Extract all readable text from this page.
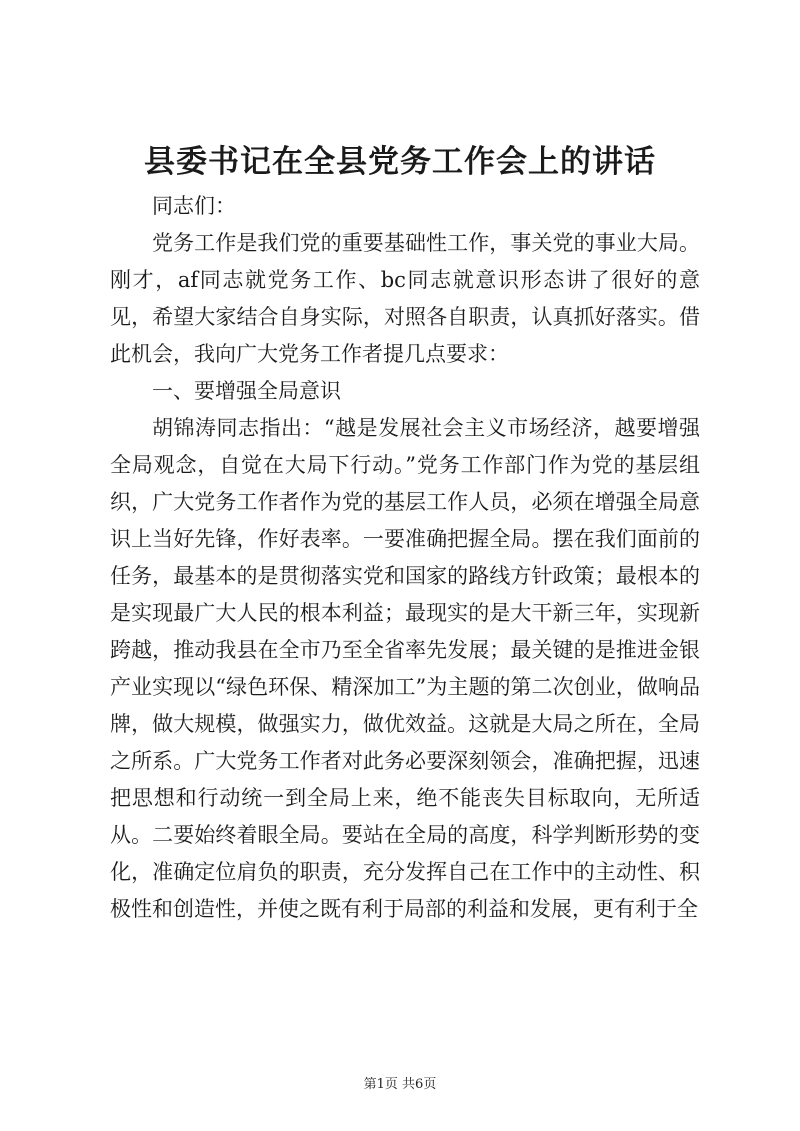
县委书记在全县党务工作会上的讲话

同志们：

党务工作是我们党的重要基础性工作，事关党的事业大局。刚才，af同志就党务工作、bc同志就意识形态讲了很好的意见，希望大家结合自身实际，对照各自职责，认真抓好落实。借此机会，我向广大党务工作者提几点要求：

一、要增强全局意识

胡锦涛同志指出：“越是发展社会主义市场经济，越要增强全局观念，自觉在大局下行动。”党务工作部门作为党的基层组织，广大党务工作者作为党的基层工作人员，必须在增强全局意识上当好先锋，作好表率。一要准确把握全局。摆在我们面前的任务，最基本的是贯彻落实党和国家的路线方针政策；最根本的是实现最广大人民的根本利益；最现实的是大干新三年，实现新跨越，推动我县在全市乃至全省率先发展；最关键的是推进金银产业实现以“绿色环保、精深加工”为主题的第二次创业，做响品牌，做大规模，做强实力，做优效益。这就是大局之所在，全局之所系。广大党务工作者对此务必要深刻领会，准确把握，迅速把思想和行动统一到全局上来，绝不能丧失目标取向，无所适从。二要始终着眼全局。要站在全局的高度，科学判断形势的变化，准确定位肩负的职责，充分发挥自己在工作中的主动性、积极性和创造性，并使之既有利于局部的利益和发展，更有利于全

第1页 共6页
